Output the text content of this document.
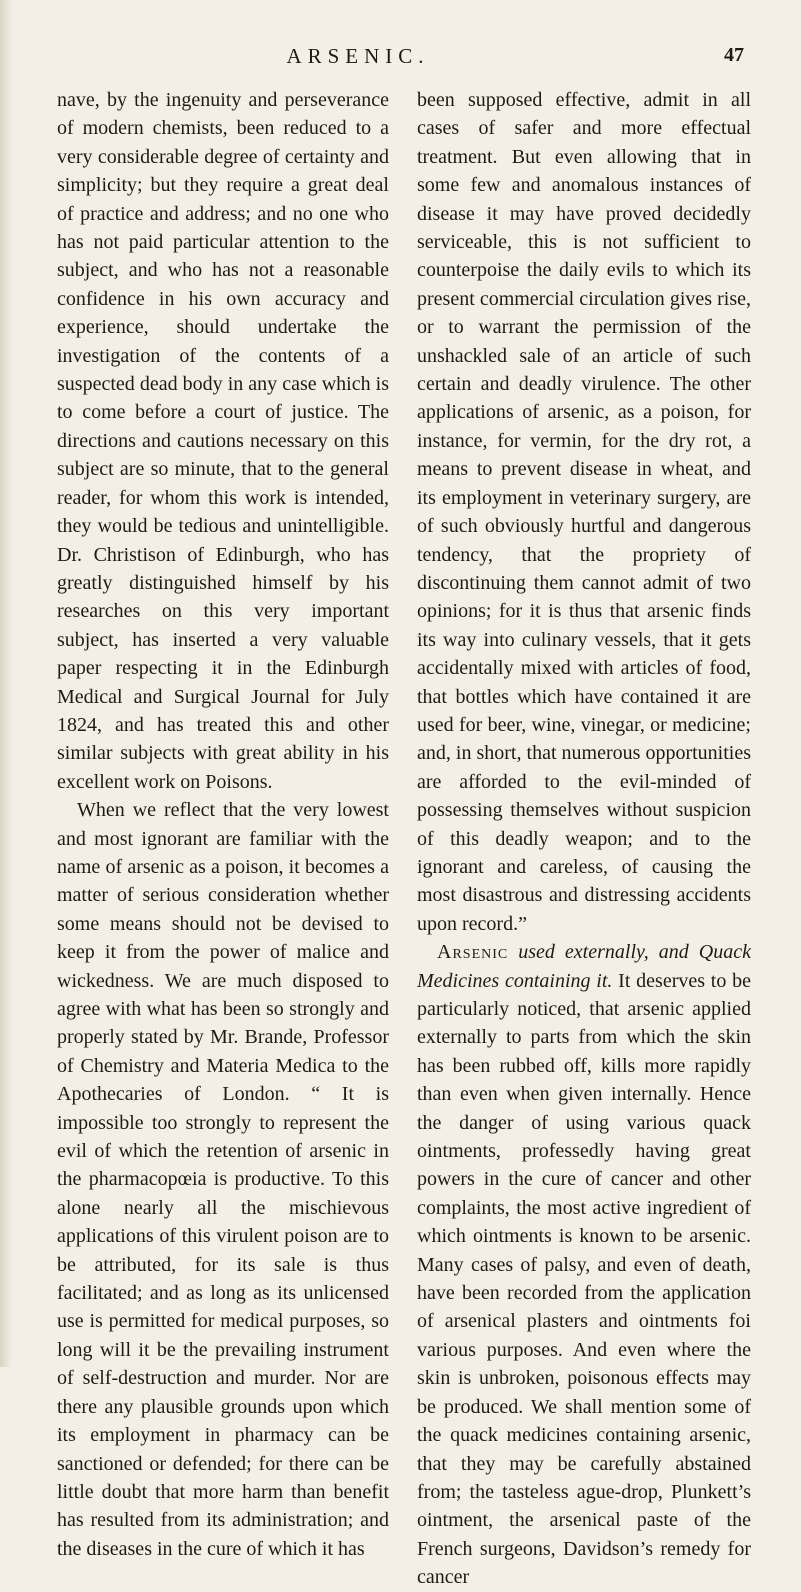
ARSENIC.	47

nave, by the ingenuity and perseverance of modern chemists, been reduced to a very considerable degree of certainty and simplicity; but they require a great deal of practice and address; and no one who has not paid particular attention to the subject, and who has not a reasonable confidence in his own accuracy and experience, should undertake the investigation of the contents of a suspected dead body in any case which is to come before a court of justice. The directions and cautions necessary on this subject are so minute, that to the general reader, for whom this work is intended, they would be tedious and unintelligible. Dr. Christison of Edinburgh, who has greatly distinguished himself by his researches on this very important subject, has inserted a very valuable paper respecting it in the Edinburgh Medical and Surgical Journal for July 1824, and has treated this and other similar subjects with great ability in his excellent work on Poisons.

When we reflect that the very lowest and most ignorant are familiar with the name of arsenic as a poison, it becomes a matter of serious consideration whether some means should not be devised to keep it from the power of malice and wickedness. We are much disposed to agree with what has been so strongly and properly stated by Mr. Brande, Professor of Chemistry and Materia Medica to the Apothecaries of London. “ It is impossible too strongly to represent the evil of which the retention of arsenic in the pharmacopœia is productive. To this alone nearly all the mischievous applications of this virulent poison are to be attributed, for its sale is thus facilitated; and as long as its unlicensed use is permitted for medical purposes, so long will it be the prevailing instrument of self-destruction and murder. Nor are there any plausible grounds upon which its employment in pharmacy can be sanctioned or defended; for there can be little doubt that more harm than benefit has resulted from its administration; and the diseases in the cure of which it has

been supposed effective, admit in all cases of safer and more effectual treatment. But even allowing that in some few and anomalous instances of disease it may have proved decidedly serviceable, this is not sufficient to counterpoise the daily evils to which its present commercial circulation gives rise, or to warrant the permission of the unshackled sale of an article of such certain and deadly virulence. The other applications of arsenic, as a poison, for instance, for vermin, for the dry rot, a means to prevent disease in wheat, and its employment in veterinary surgery, are of such obviously hurtful and dangerous tendency, that the propriety of discontinuing them cannot admit of two opinions; for it is thus that arsenic finds its way into culinary vessels, that it gets accidentally mixed with articles of food, that bottles which have contained it are used for beer, wine, vinegar, or medicine; and, in short, that numerous opportunities are afforded to the evil-minded of possessing themselves without suspicion of this deadly weapon; and to the ignorant and careless, of causing the most disastrous and distressing accidents upon record.”

Arsenic used externally, and Quack Medicines containing it. It deserves to be particularly noticed, that arsenic applied externally to parts from which the skin has been rubbed off, kills more rapidly than even when given internally. Hence the danger of using various quack ointments, professedly having great powers in the cure of cancer and other complaints, the most active ingredient of which ointments is known to be arsenic. Many cases of palsy, and even of death, have been recorded from the application of arsenical plasters and ointments foi various purposes. And even where the skin is unbroken, poisonous effects may be produced. We shall mention some of the quack medicines containing arsenic, that they may be carefully abstained from; the tasteless ague-drop, Plunkett’s ointment, the arsenical paste of the French surgeons, Davidson’s remedy for cancer
